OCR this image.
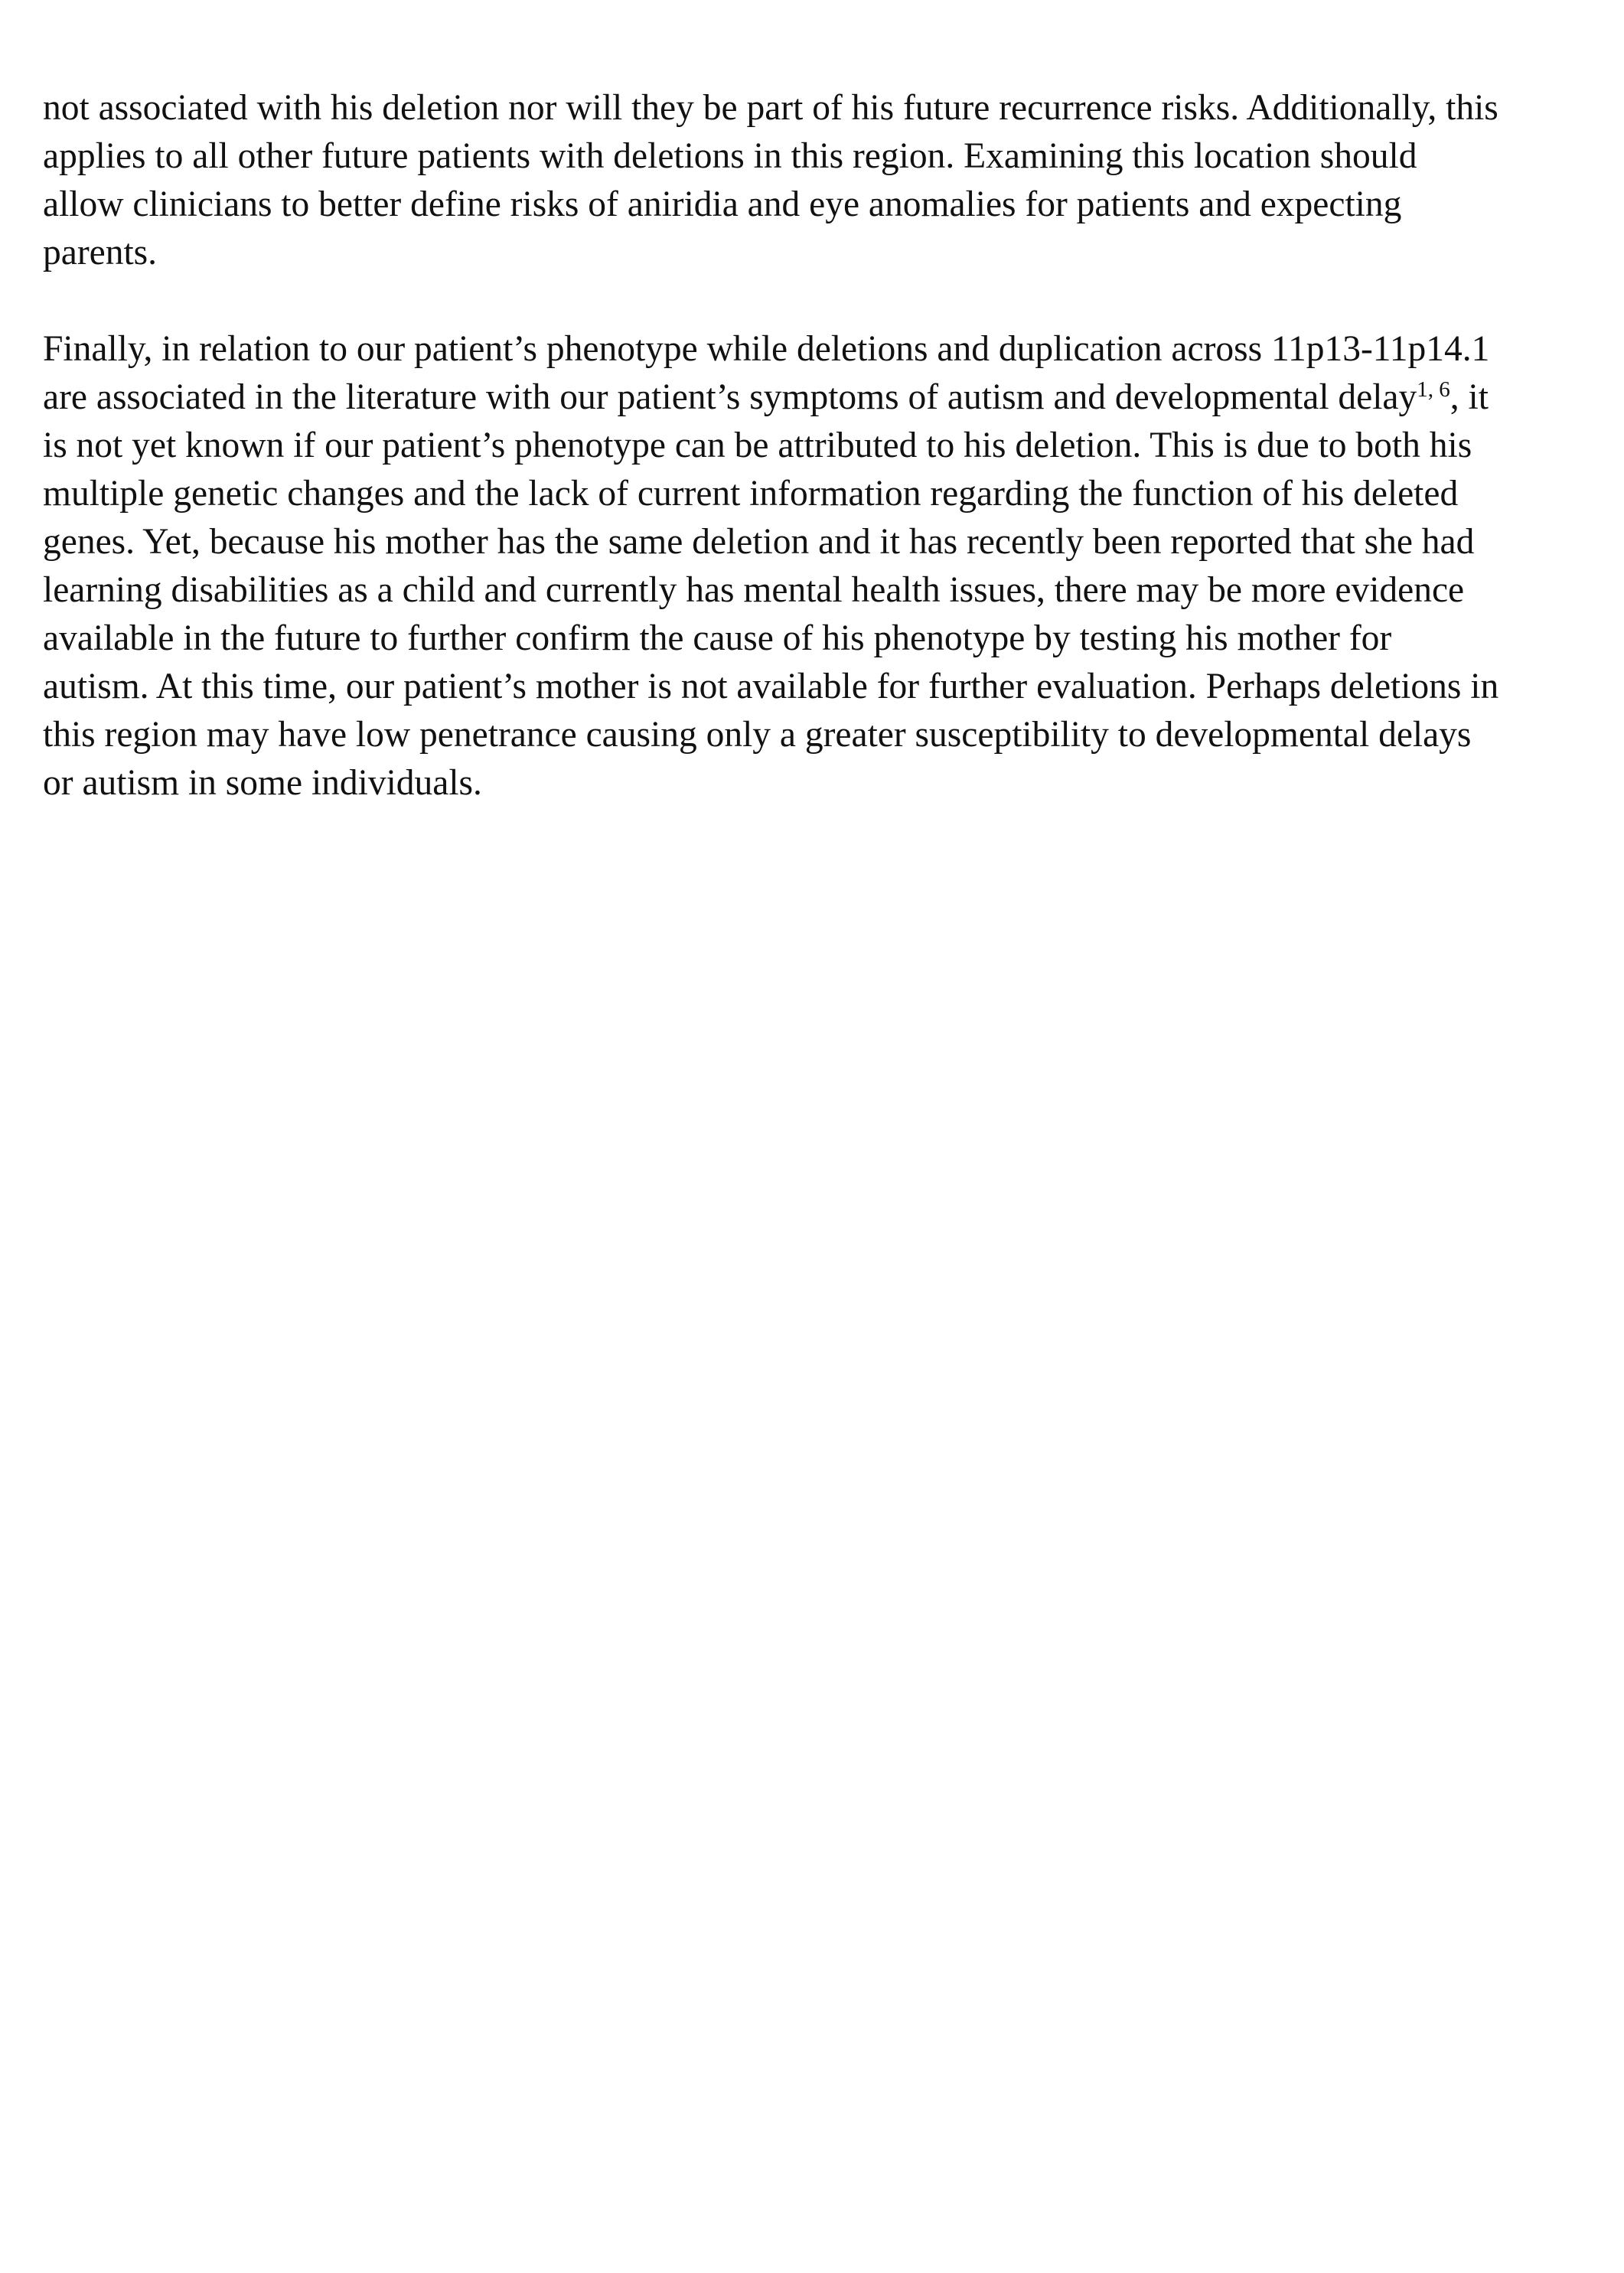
not associated with his deletion nor will they be part of his future recurrence risks. Additionally, this
applies to all other future patients with deletions in this region. Examining this location should
allow clinicians to better define risks of aniridia and eye anomalies for patients and expecting
parents.

Finally, in relation to our patient’s phenotype while deletions and duplication across 11p13-11p14.1
are associated in the literature with our patient’s symptoms of autism and developmental delay$^{1, 6}$, it
is not yet known if our patient’s phenotype can be attributed to his deletion. This is due to both his
multiple genetic changes and the lack of current information regarding the function of his deleted
genes. Yet, because his mother has the same deletion and it has recently been reported that she had
learning disabilities as a child and currently has mental health issues, there may be more evidence
available in the future to further confirm the cause of his phenotype by testing his mother for
autism. At this time, our patient’s mother is not available for further evaluation. Perhaps deletions in
this region may have low penetrance causing only a greater susceptibility to developmental delays
or autism in some individuals.
